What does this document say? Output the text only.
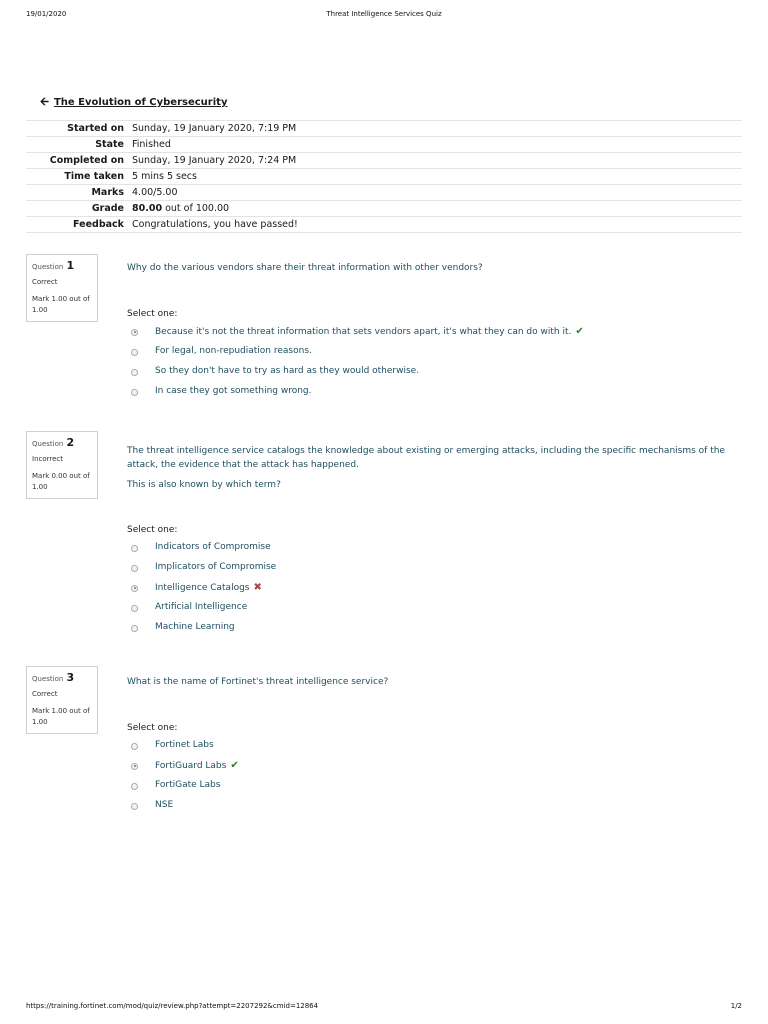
19/01/2020	Threat Intelligence Services Quiz
🡨 The Evolution of Cybersecurity
Started on	Sunday, 19 January 2020, 7:19 PM
State	Finished
Completed on	Sunday, 19 January 2020, 7:24 PM
Time taken	5 mins 5 secs
Marks	4.00/5.00
Grade	80.00 out of 100.00
Feedback	Congratulations, you have passed!
Question 1
Correct
Mark 1.00 out of 1.00
Why do the various vendors share their threat information with other vendors?
Select one:
Because it's not the threat information that sets vendors apart, it's what they can do with it. ✔
For legal, non-repudiation reasons.
So they don't have to try as hard as they would otherwise.
In case they got something wrong.
Question 2
Incorrect
Mark 0.00 out of 1.00
The threat intelligence service catalogs the knowledge about existing or emerging attacks, including the specific mechanisms of the attack, the evidence that the attack has happened.
This is also known by which term?
Select one:
Indicators of Compromise
Implicators of Compromise
Intelligence Catalogs ✖
Artificial Intelligence
Machine Learning
Question 3
Correct
Mark 1.00 out of 1.00
What is the name of Fortinet's threat intelligence service?
Select one:
Fortinet Labs
FortiGuard Labs ✔
FortiGate Labs
NSE
https://training.fortinet.com/mod/quiz/review.php?attempt=2207292&cmid=12864	1/2
